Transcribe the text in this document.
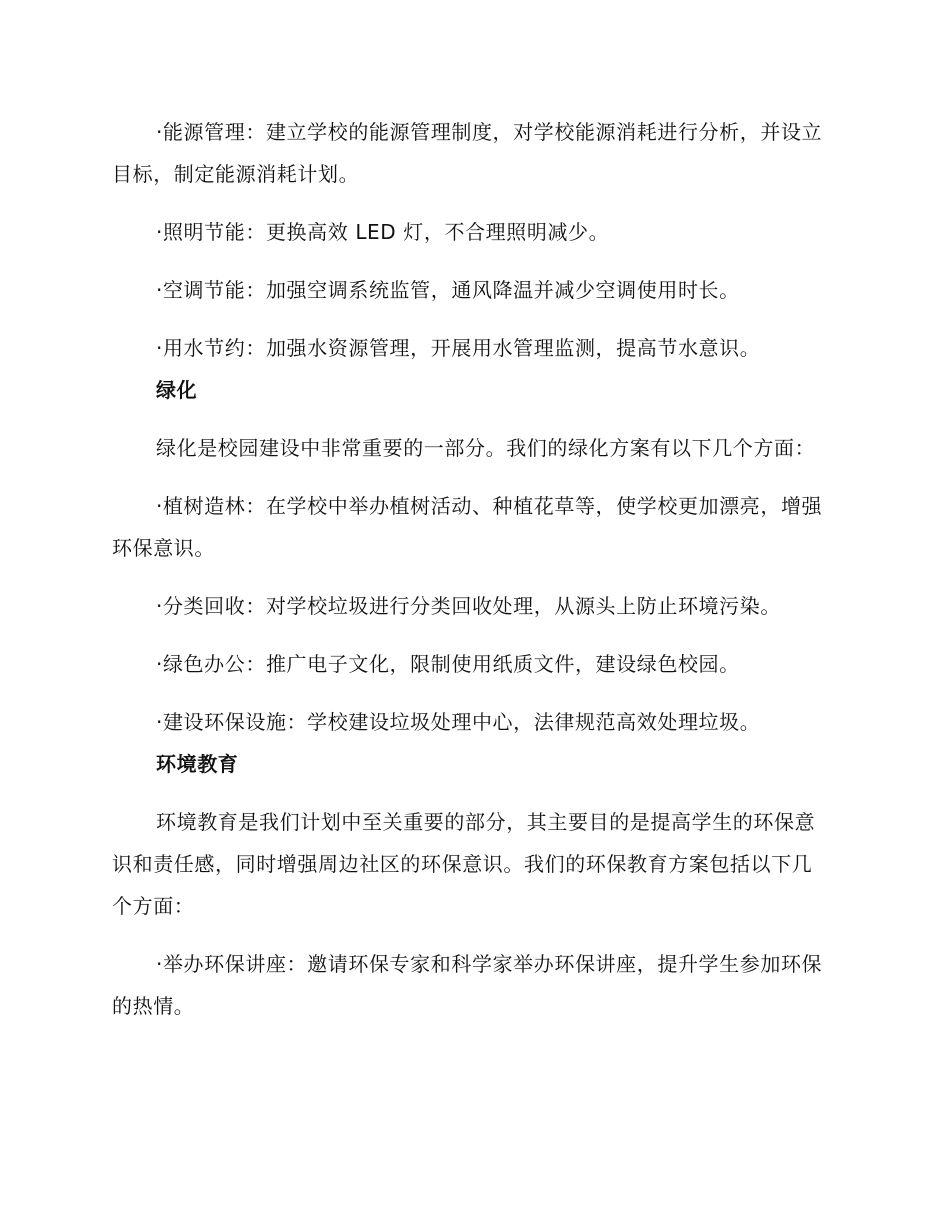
·能源管理：建立学校的能源管理制度，对学校能源消耗进行分析，并设立目标，制定能源消耗计划。

·照明节能：更换高效 LED 灯，不合理照明减少。

·空调节能：加强空调系统监管，通风降温并减少空调使用时长。

·用水节约：加强水资源管理，开展用水管理监测，提高节水意识。

绿化

绿化是校园建设中非常重要的一部分。我们的绿化方案有以下几个方面：

·植树造林：在学校中举办植树活动、种植花草等，使学校更加漂亮，增强环保意识。

·分类回收：对学校垃圾进行分类回收处理，从源头上防止环境污染。

·绿色办公：推广电子文化，限制使用纸质文件，建设绿色校园。

·建设环保设施：学校建设垃圾处理中心，法律规范高效处理垃圾。

环境教育

环境教育是我们计划中至关重要的部分，其主要目的是提高学生的环保意识和责任感，同时增强周边社区的环保意识。我们的环保教育方案包括以下几个方面：

·举办环保讲座：邀请环保专家和科学家举办环保讲座，提升学生参加环保的热情。
